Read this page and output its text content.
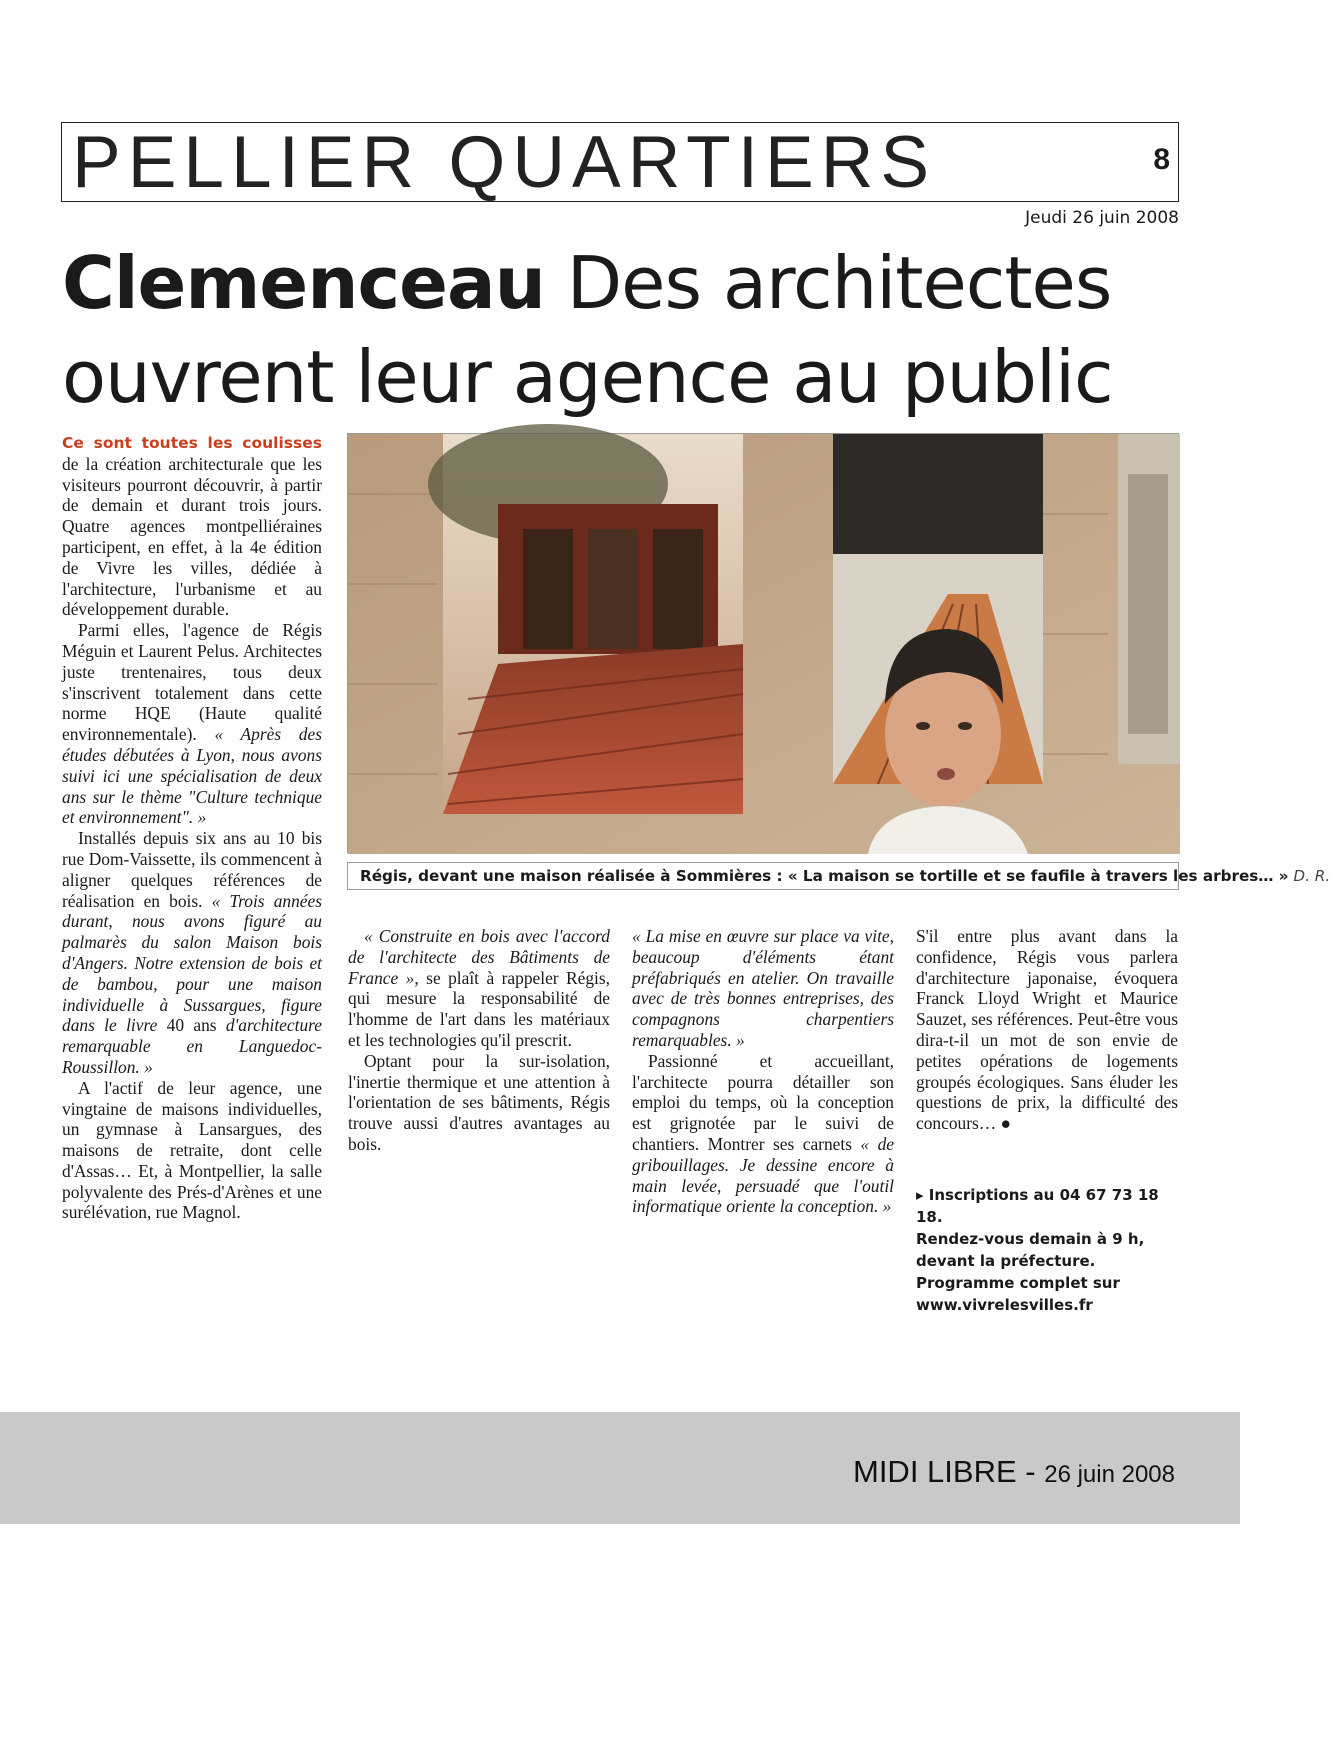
PELLIER QUARTIERS	8
Jeudi 26 juin 2008
Clemenceau Des architectes ouvrent leur agence au public

Ce sont toutes les coulisses de la création architecturale que les visiteurs pourront découvrir, à partir de demain et durant trois jours. Quatre agences montpelliéraines participent, en effet, à la 4e édition de Vivre les villes, dédiée à l'architecture, l'urbanisme et au développement durable.

Parmi elles, l'agence de Régis Méguin et Laurent Pelus. Architectes juste trentenaires, tous deux s'inscrivent totalement dans cette norme HQE (Haute qualité environnementale). « Après des études débutées à Lyon, nous avons suivi ici une spécialisation de deux ans sur le thème "Culture technique et environnement". »

Installés depuis six ans au 10 bis rue Dom-Vaissette, ils commencent à aligner quelques références de réalisation en bois. « Trois années durant, nous avons figuré au palmarès du salon Maison bois d'Angers. Notre extension de bois et de bambou, pour une maison individuelle à Sussargues, figure dans le livre 40 ans d'architecture remarquable en Languedoc-Roussillon. »

A l'actif de leur agence, une vingtaine de maisons individuelles, un gymnase à Lansargues, des maisons de retraite, dont celle d'Assas… Et, à Montpellier, la salle polyvalente des Prés-d'Arènes et une surélévation, rue Magnol.

Régis, devant une maison réalisée à Sommières : « La maison se tortille et se faufile à travers les arbres… » D. R.

« Construite en bois avec l'accord de l'architecte des Bâtiments de France », se plaît à rappeler Régis, qui mesure la responsabilité de l'homme de l'art dans les matériaux et les technologies qu'il prescrit.

Optant pour la sur-isolation, l'inertie thermique et une attention à l'orientation de ses bâtiments, Régis trouve aussi d'autres avantages au bois.

« La mise en œuvre sur place va vite, beaucoup d'éléments étant préfabriqués en atelier. On travaille avec de très bonnes entreprises, des compagnons charpentiers remarquables. »

Passionné et accueillant, l'architecte pourra détailler son emploi du temps, où la conception est grignotée par le suivi de chantiers. Montrer ses carnets « de gribouillages. Je dessine encore à main levée, persuadé que l'outil informatique oriente la conception. »

S'il entre plus avant dans la confidence, Régis vous parlera d'architecture japonaise, évoquera Franck Lloyd Wright et Maurice Sauzet, ses références. Peut-être vous dira-t-il un mot de son envie de petites opérations de logements groupés écologiques. Sans éluder les questions de prix, la difficulté des concours… ●

▸ Inscriptions au 04 67 73 18 18.
Rendez-vous demain à 9 h, devant la préfecture. Programme complet sur www.vivrelesvilles.fr
MIDI LIBRE - 26 juin 2008
